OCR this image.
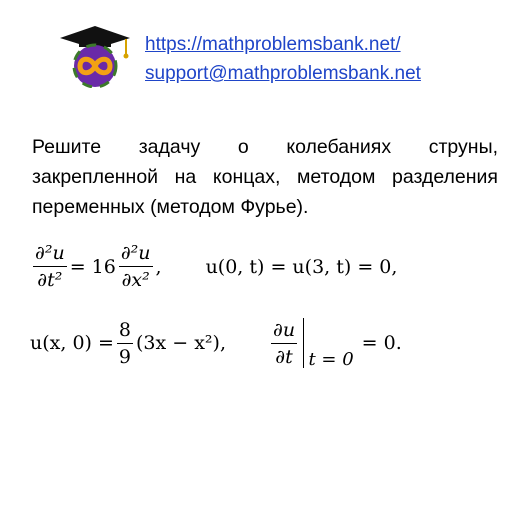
https://mathproblemsbank.net/
support@mathproblemsbank.net
Решите задачу о колебаниях струны, закрепленной на концах, методом разделения переменных (методом Фурье).
$\frac{\text{∂²u}}{\text{∂t²}} = 16 \frac{\text{∂²u}}{\text{∂x²}}$ , u(0, t) = u(3, t) = 0,
u(x, $0) = \frac{8}{9} (3x - x^2)$, $\frac{\partial u}{\partial t}$ t = 0
= 0.
